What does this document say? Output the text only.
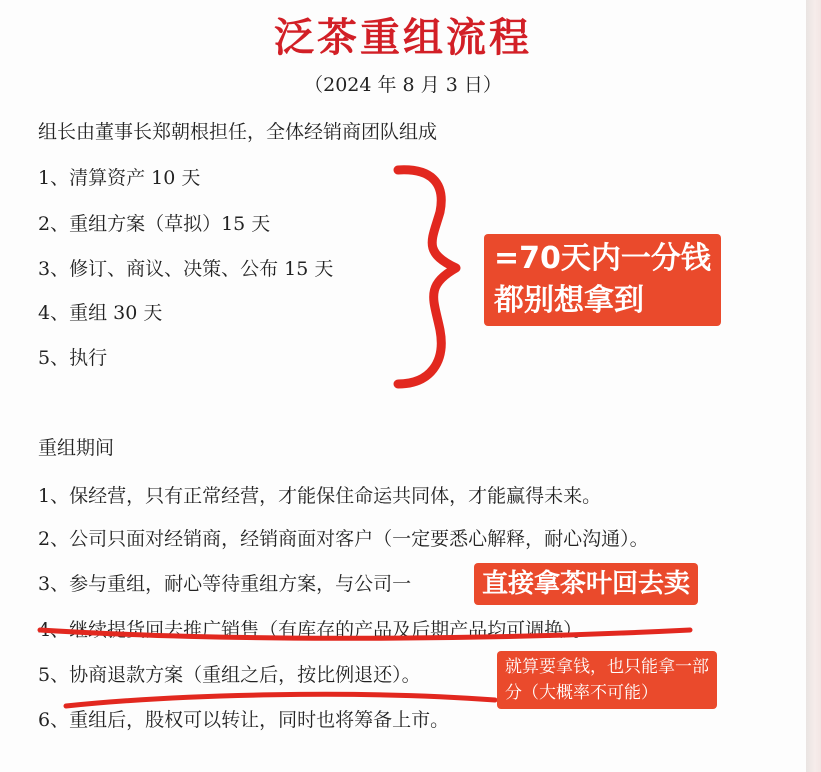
泛茶重组流程
（2024 年 8 月 3 日）
组长由董事长郑朝根担任，全体经销商团队组成
1、清算资产 10 天
2、重组方案（草拟）15 天
3、修订、商议、决策、公布 15 天
4、重组 30 天
5、执行
重组期间
1、保经营，只有正常经营，才能保住命运共同体，才能赢得未来。
2、公司只面对经销商，经销商面对客户（一定要悉心解释，耐心沟通）。
3、参与重组，耐心等待重组方案，与公司一
4、继续提货回去推广销售（有库存的产品及后期产品均可调换）。
5、协商退款方案（重组之后，按比例退还）。
6、重组后，股权可以转让，同时也将筹备上市。
=70天内一分钱
都别想拿到
直接拿茶叶回去卖
就算要拿钱，也只能拿一部
分（大概率不可能）
